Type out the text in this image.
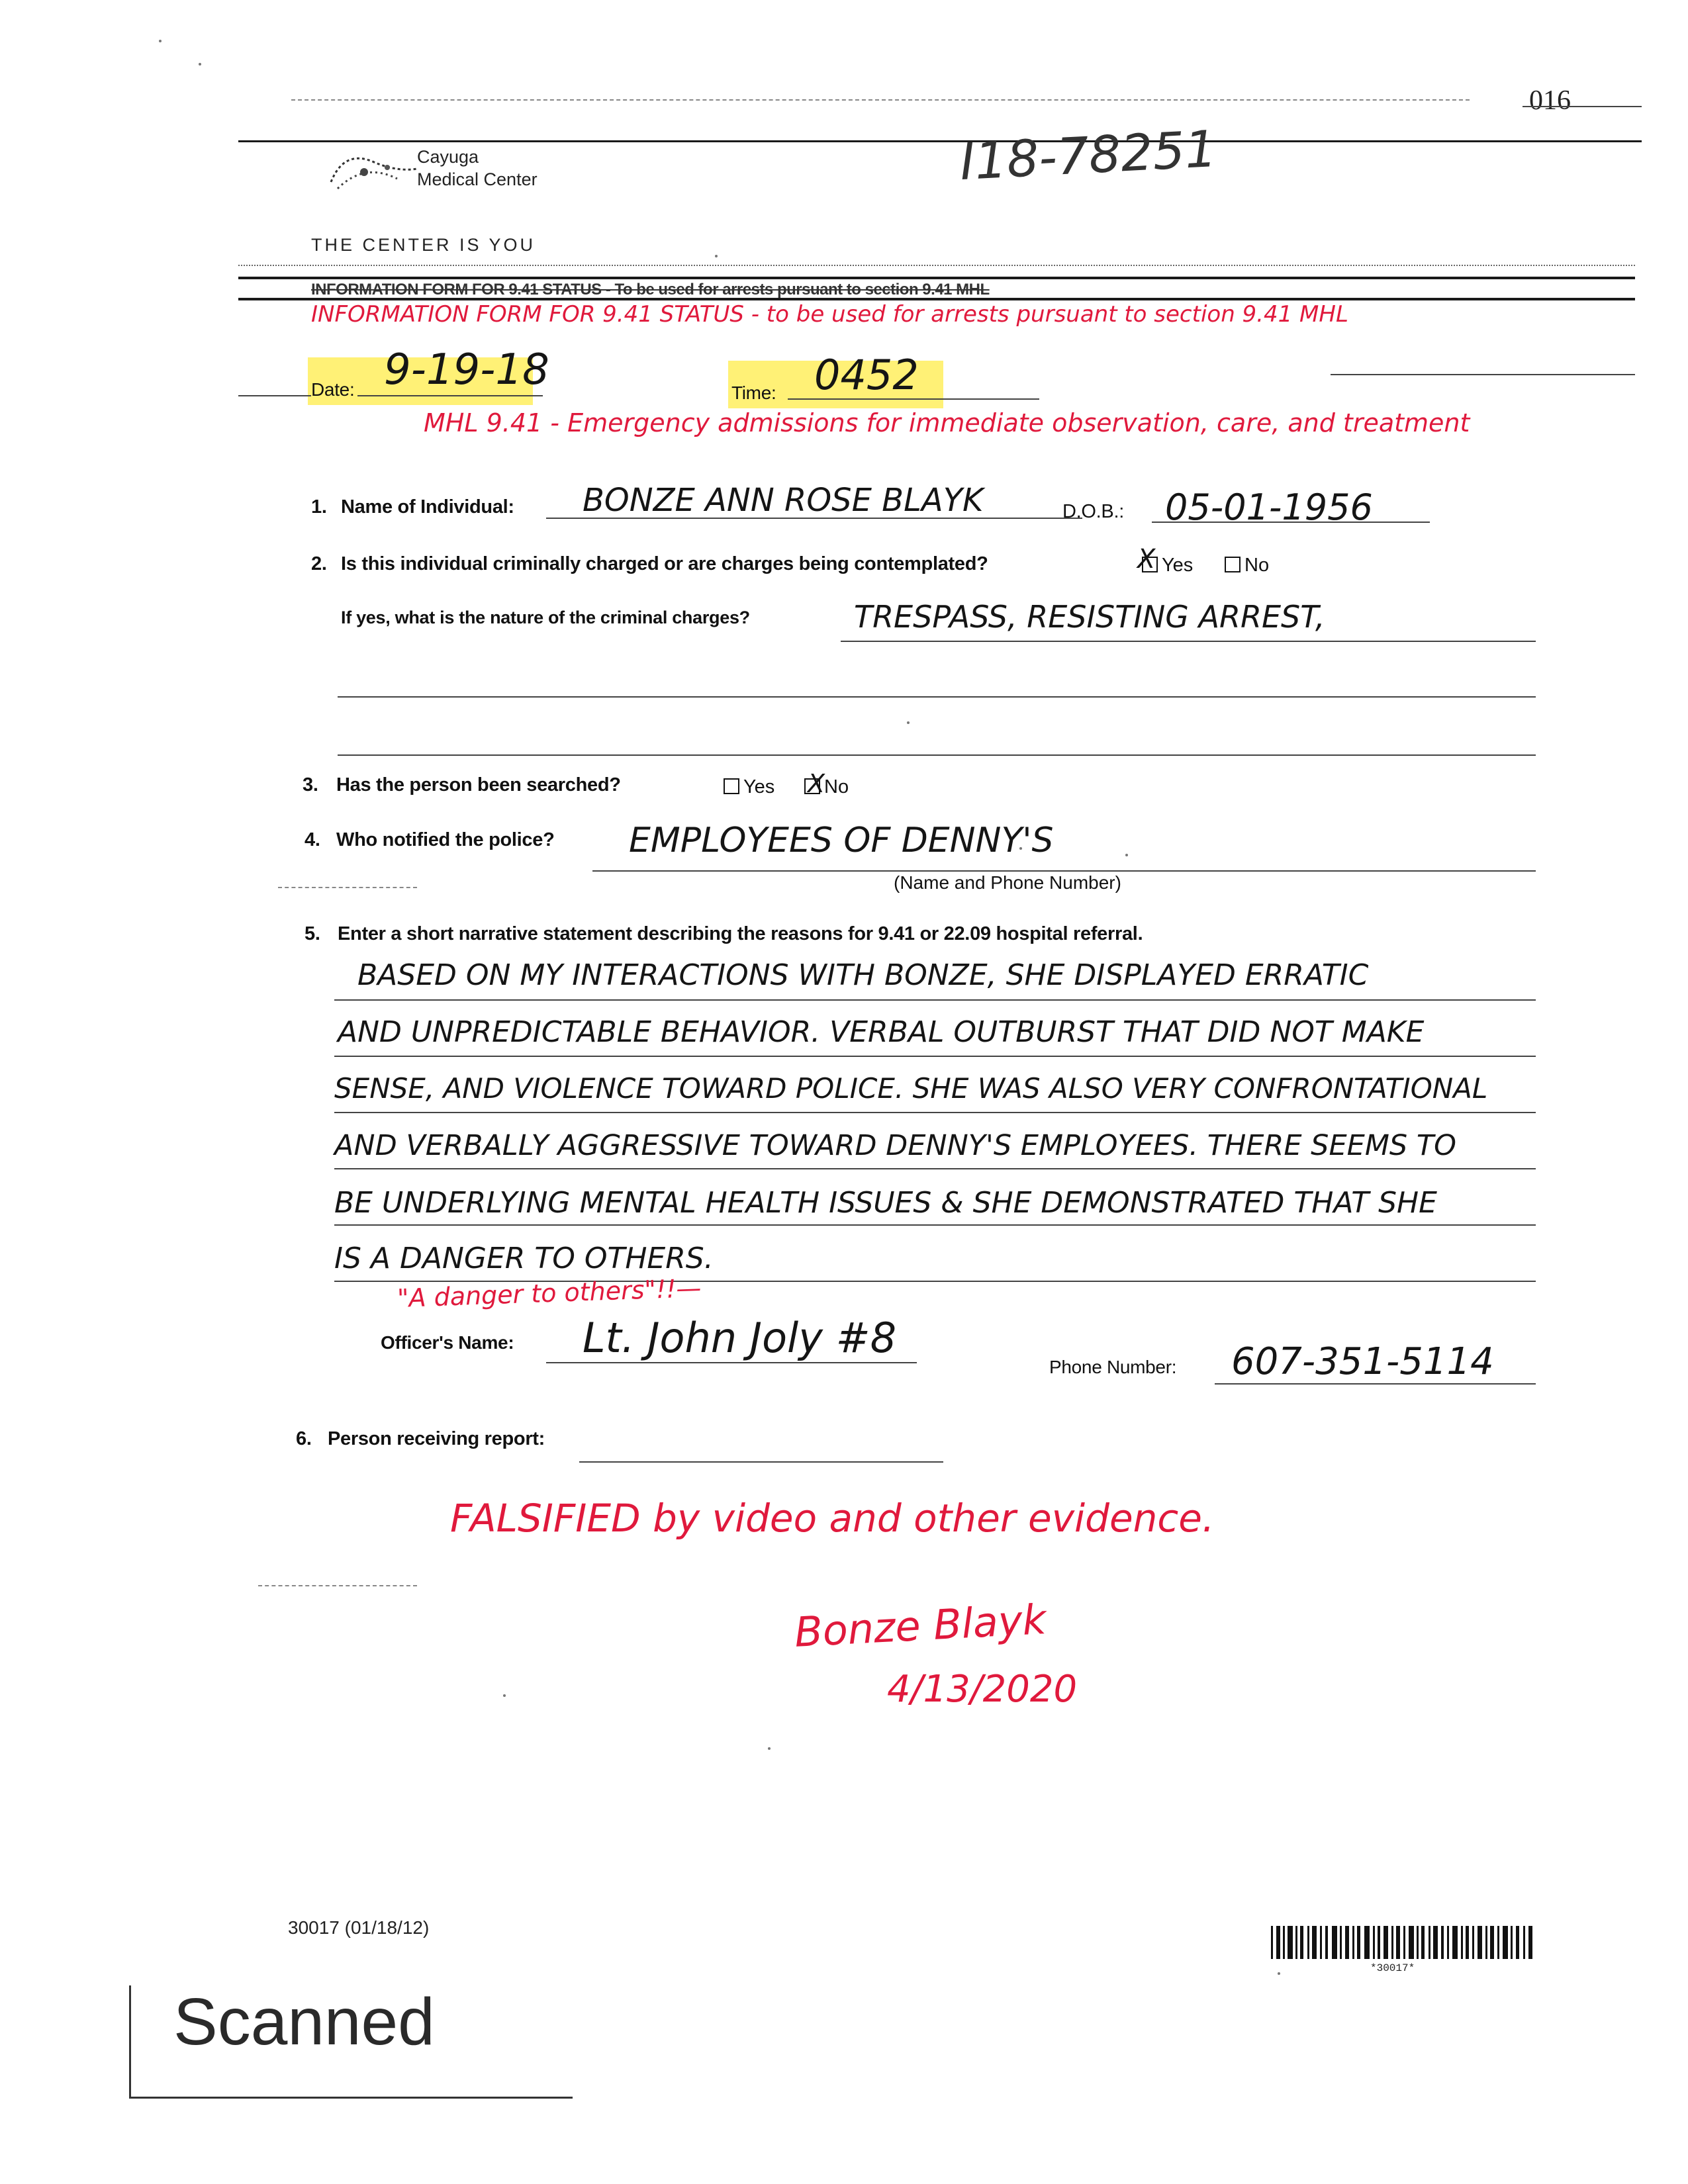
016
Cayuga
Medical Center
THE CENTER IS YOU
I18-78251
INFORMATION FORM FOR 9.41 STATUS - To be used for arrests pursuant to section 9.41 MHL
INFORMATION FORM FOR 9.41 STATUS - to be used for arrests pursuant to section 9.41 MHL
Date: 9-19-18	Time: 0452
MHL 9.41 - Emergency admissions for immediate observation, care, and treatment
1. Name of Individual: BONZE ANN ROSE BLAYK	D.O.B.: 05-01-1956
2. Is this individual criminally charged or are charges being contemplated?	Yes
X	No
If yes, what is the nature of the criminal charges?	TRESPASS, RESISTING ARREST,
3. Has the person been searched?	Yes	No
X
4. Who notified the police? EMPLOYEES OF DENNY'S
(Name and Phone Number)
5. Enter a short narrative statement describing the reasons for 9.41 or 22.09 hospital referral.
BASED ON MY INTERACTIONS WITH BONZE, SHE DISPLAYED ERRATIC
AND UNPREDICTABLE BEHAVIOR. VERBAL OUTBURST THAT DID NOT MAKE
SENSE, AND VIOLENCE TOWARD POLICE. SHE WAS ALSO VERY CONFRONTATIONAL
AND VERBALLY AGGRESSIVE TOWARD DENNY'S EMPLOYEES. THERE SEEMS TO
BE UNDERLYING MENTAL HEALTH ISSUES & SHE DEMONSTRATED THAT SHE
IS A DANGER TO OTHERS.
"A danger to others"!!—
Officer's Name: Lt. John Joly #8
Phone Number: 607-351-5114
6. Person receiving report:
FALSIFIED by video and other evidence.
Bonze Blayk
4/13/2020
30017 (01/18/12)
*30017*
Scanned
